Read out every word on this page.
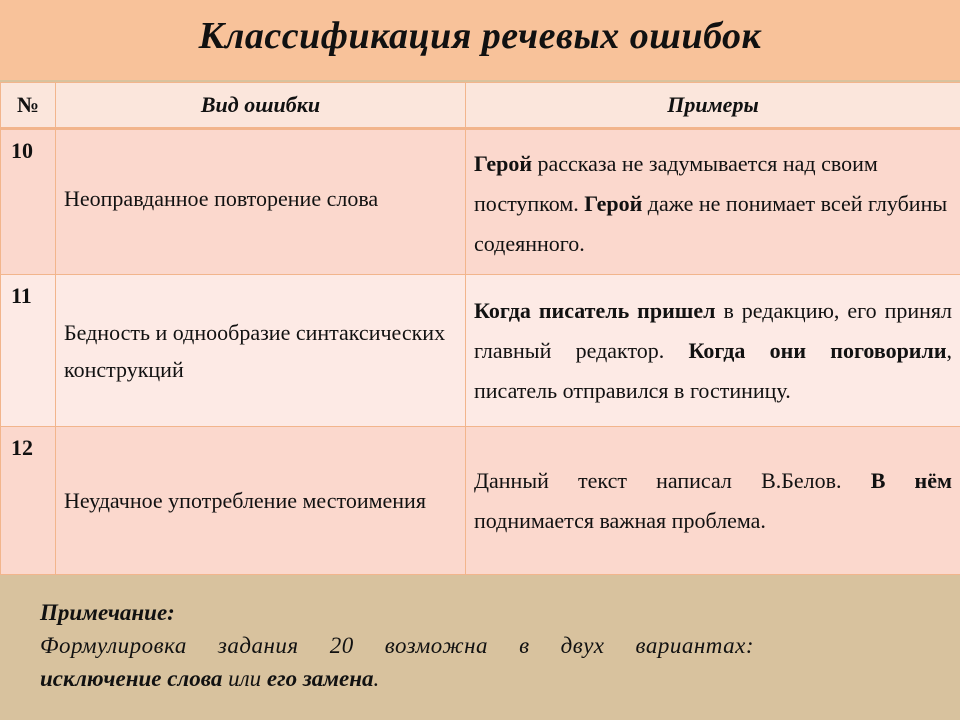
Классификация речевых ошибок
№	Вид ошибки	Примеры
10	Неоправданное повторение слова	Герой рассказа не задумывается над своим поступком. Герой даже не понимает всей глубины содеянного.
11	Бедность и однообразие синтаксических конструкций	Когда писатель пришел в редакцию, его принял главный редактор. Когда они поговорили, писатель отправился в гостиницу.
12	Неудачное употребление местоимения	Данный текст написал В.Белов. В нём поднимается важная проблема.
Примечание:
Формулировка задания 20 возможна в двух вариантах:
исключение слова или его замена.
